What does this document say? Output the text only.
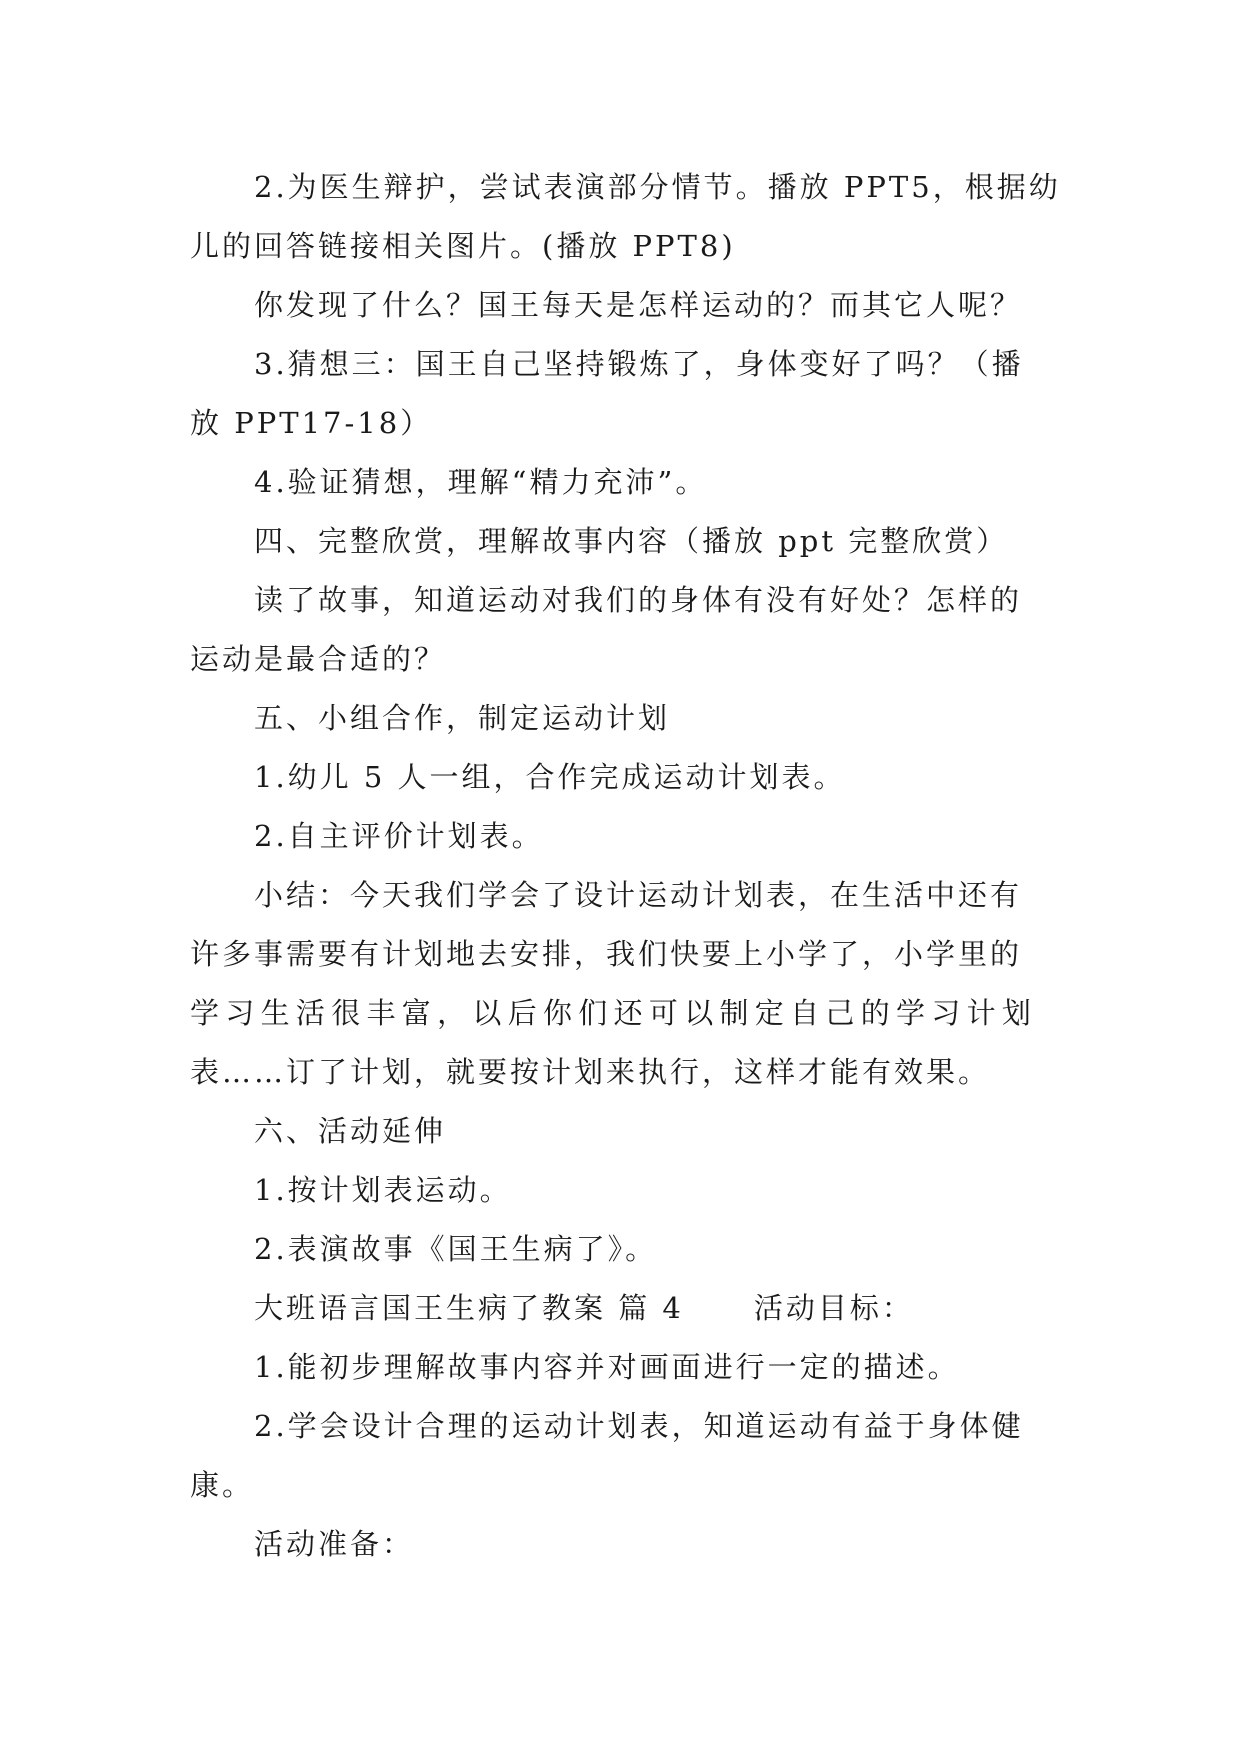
2.为医生辩护，尝试表演部分情节。播放 PPT5，根据幼

儿的回答链接相关图片。(播放 PPT8)

你发现了什么？国王每天是怎样运动的？而其它人呢？

3.猜想三：国王自己坚持锻炼了，身体变好了吗？（播

放 PPT17-18）

4.验证猜想，理解“精力充沛”。

四、完整欣赏，理解故事内容（播放 ppt 完整欣赏）

读了故事，知道运动对我们的身体有没有好处？怎样的

运动是最合适的？

五、小组合作，制定运动计划

1.幼儿 5 人一组，合作完成运动计划表。

2.自主评价计划表。

小结：今天我们学会了设计运动计划表，在生活中还有

许多事需要有计划地去安排，我们快要上小学了，小学里的

学习生活很丰富，以后你们还可以制定自己的学习计划

表……订了计划，就要按计划来执行，这样才能有效果。

六、活动延伸

1.按计划表运动。

2.表演故事《国王生病了》。

大班语言国王生病了教案 篇 4 活动目标：

1.能初步理解故事内容并对画面进行一定的描述。

2.学会设计合理的运动计划表，知道运动有益于身体健

康。

活动准备：
